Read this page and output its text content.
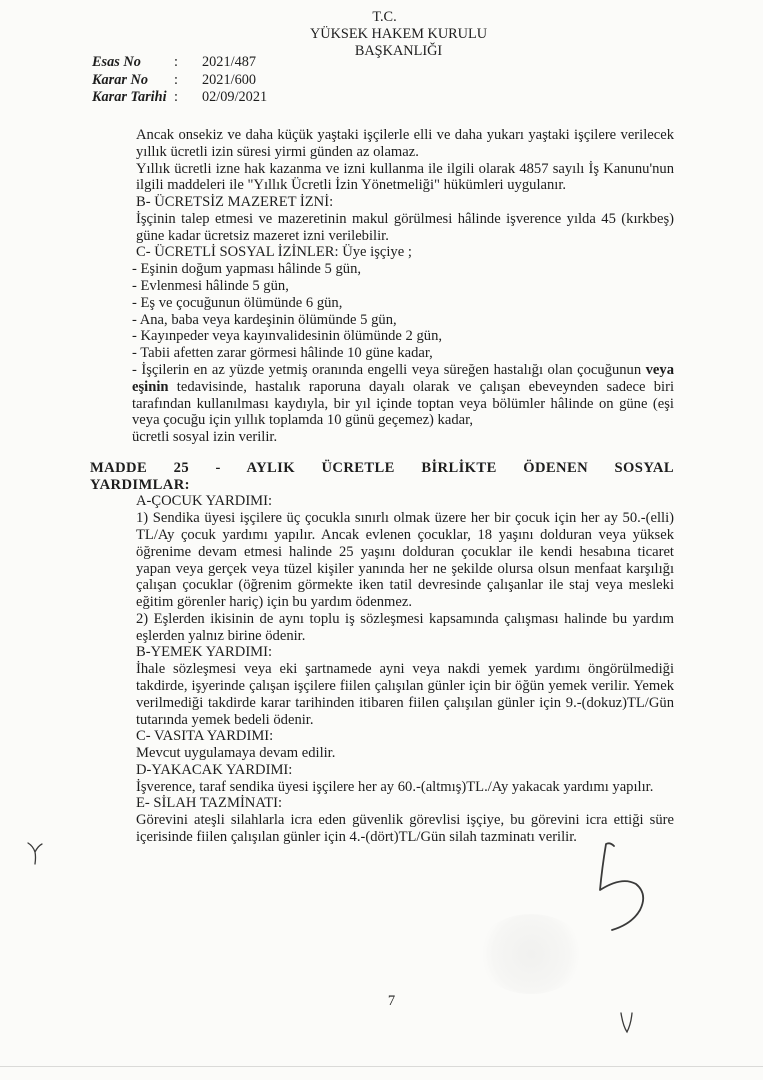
T.C.
YÜKSEK HAKEM KURULU
BAŞKANLIĞI
Esas No	:	2021/487
Karar No	:	2021/600
Karar Tarihi :	02/09/2021

Ancak onsekiz ve daha küçük yaştaki işçilerle elli ve daha yukarı yaştaki işçilere verilecek yıllık ücretli izin süresi yirmi günden az olamaz.

Yıllık ücretli izne hak kazanma ve izni kullanma ile ilgili olarak 4857 sayılı İş Kanunu'nun ilgili maddeleri ile "Yıllık Ücretli İzin Yönetmeliği" hükümleri uygulanır.

B- ÜCRETSİZ MAZERET İZNİ:

İşçinin talep etmesi ve mazeretinin makul görülmesi hâlinde işverence yılda 45 (kırkbeş) güne kadar ücretsiz mazeret izni verilebilir.

C- ÜCRETLİ SOSYAL İZİNLER: Üye işçiye ;

- Eşinin doğum yapması hâlinde 5 gün,

- Evlenmesi hâlinde 5 gün,

- Eş ve çocuğunun ölümünde 6 gün,

- Ana, baba veya kardeşinin ölümünde 5 gün,

- Kayınpeder veya kayınvalidesinin ölümünde 2 gün,

- Tabii afetten zarar görmesi hâlinde 10 güne kadar,

- İşçilerin en az yüzde yetmiş oranında engelli veya süreğen hastalığı olan çocuğunun veya eşinin tedavisinde, hastalık raporuna dayalı olarak ve çalışan ebeveynden sadece biri tarafından kullanılması kaydıyla, bir yıl içinde toptan veya bölümler hâlinde on güne (eşi veya çocuğu için yıllık toplamda 10 günü geçemez) kadar,

ücretli sosyal izin verilir.

MADDE 25 - AYLIK ÜCRETLE BİRLİKTE ÖDENEN SOSYAL YARDIMLAR:

A-ÇOCUK YARDIMI:

1) Sendika üyesi işçilere üç çocukla sınırlı olmak üzere her bir çocuk için her ay 50.-(elli) TL/Ay çocuk yardımı yapılır. Ancak evlenen çocuklar, 18 yaşını dolduran veya yüksek öğrenime devam etmesi halinde 25 yaşını dolduran çocuklar ile kendi hesabına ticaret yapan veya gerçek veya tüzel kişiler yanında her ne şekilde olursa olsun menfaat karşılığı çalışan çocuklar (öğrenim görmekte iken tatil devresinde çalışanlar ile staj veya mesleki eğitim görenler hariç) için bu yardım ödenmez.

2) Eşlerden ikisinin de aynı toplu iş sözleşmesi kapsamında çalışması halinde bu yardım eşlerden yalnız birine ödenir.

B-YEMEK YARDIMI:

İhale sözleşmesi veya eki şartnamede ayni veya nakdi yemek yardımı öngörülmediği takdirde, işyerinde çalışan işçilere fiilen çalışılan günler için bir öğün yemek verilir. Yemek verilmediği takdirde karar tarihinden itibaren fiilen çalışılan günler için 9.-(dokuz)TL/Gün tutarında yemek bedeli ödenir.

C- VASITA YARDIMI:

Mevcut uygulamaya devam edilir.

D-YAKACAK YARDIMI:

İşverence, taraf sendika üyesi işçilere her ay 60.-(altmış)TL./Ay yakacak yardımı yapılır.

E- SİLAH TAZMİNATI:

Görevini ateşli silahlarla icra eden güvenlik görevlisi işçiye, bu görevini icra ettiği süre içerisinde fiilen çalışılan günler için 4.-(dört)TL/Gün silah tazminatı verilir.

7
